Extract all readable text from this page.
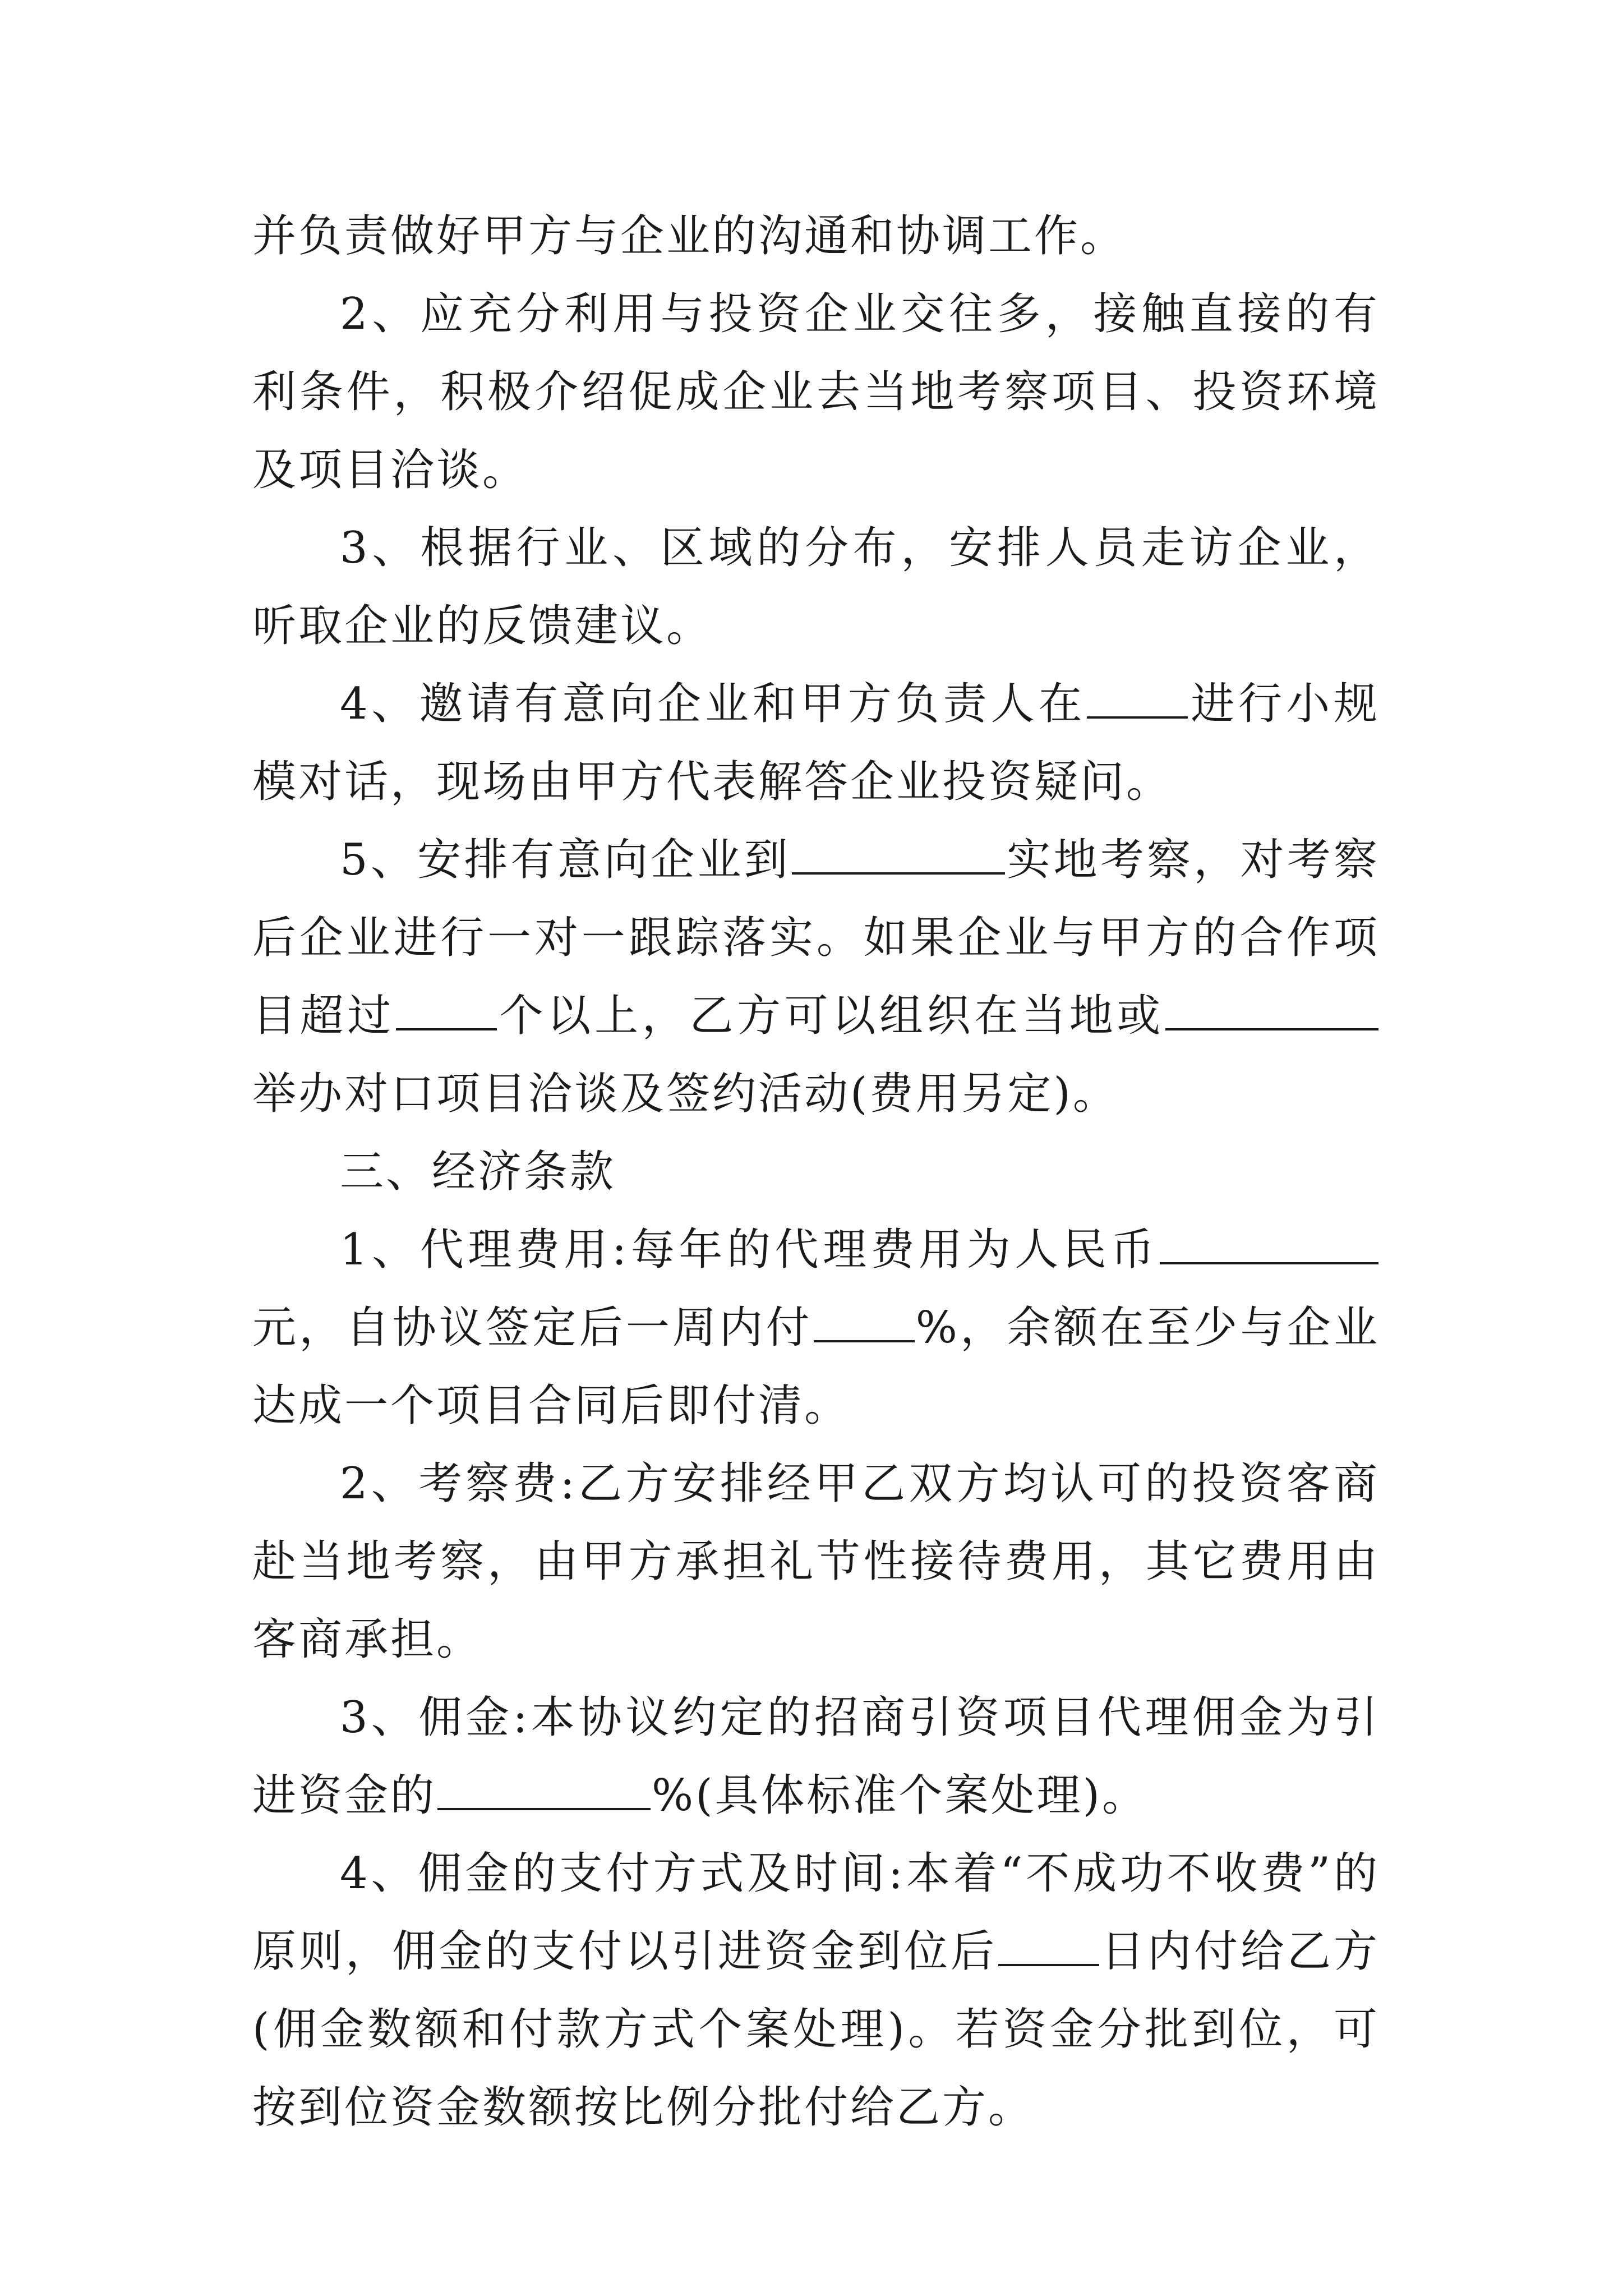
并负责做好甲方与企业的沟通和协调工作。

2、应充分利用与投资企业交往多，接触直接的有利条件，积极介绍促成企业去当地考察项目、投资环境及项目洽谈。

3、根据行业、区域的分布，安排人员走访企业，听取企业的反馈建议。

4、邀请有意向企业和甲方负责人在 进行小规模对话，现场由甲方代表解答企业投资疑问。

5、安排有意向企业到	实地考察，对考察后企业进行一对一跟踪落实。如果企业与甲方的合作项目超过 个以上，乙方可以组织在当地或举办对口项目洽谈及签约活动(费用另定)。

三、经济条款

1、代理费用:每年的代理费用为人民币元，自协议签定后一周内付 %，余额在至少与企业达成一个项目合同后即付清。

2、考察费:乙方安排经甲乙双方均认可的投资客商赴当地考察，由甲方承担礼节性接待费用，其它费用由客商承担。

3、佣金:本协议约定的招商引资项目代理佣金为引进资金的	%(具体标准个案处理)。

4、佣金的支付方式及时间:本着“不成功不收费”的原则，佣金的支付以引进资金到位后 日内付给乙方(佣金数额和付款方式个案处理)。若资金分批到位，可按到位资金数额按比例分批付给乙方。
